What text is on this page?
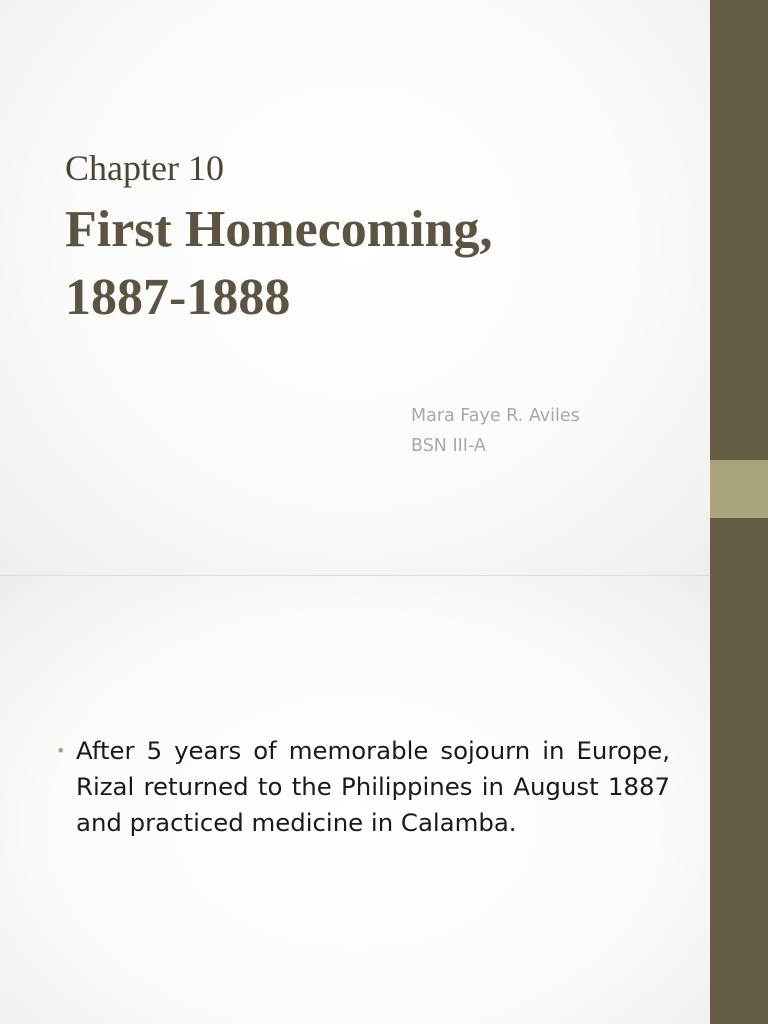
Chapter 10
First Homecoming,
1887-1888
Mara Faye R. Aviles
BSN III-A
• After 5 years of memorable sojourn in Europe, Rizal returned to the Philippines in August 1887 and practiced medicine in Calamba.
